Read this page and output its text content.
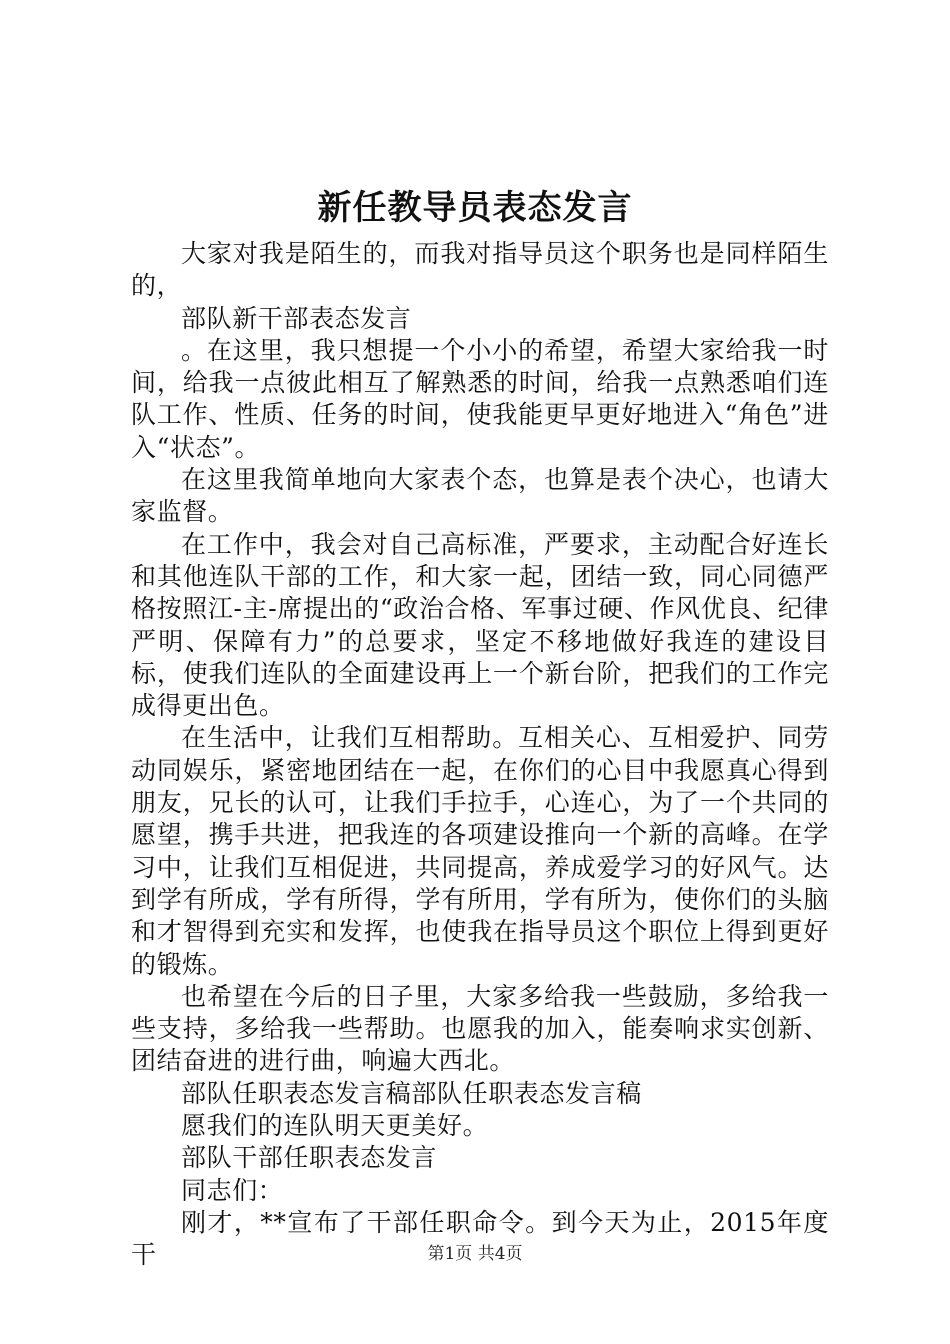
新任教导员表态发言

大家对我是陌生的，而我对指导员这个职务也是同样陌生的，

部队新干部表态发言

。在这里，我只想提一个小小的希望，希望大家给我一时间，给我一点彼此相互了解熟悉的时间，给我一点熟悉咱们连队工作、性质、任务的时间，使我能更早更好地进入“角色”进入“状态”。

在这里我简单地向大家表个态，也算是表个决心，也请大家监督。

在工作中，我会对自己高标准，严要求，主动配合好连长和其他连队干部的工作，和大家一起，团结一致，同心同德严格按照江-主-席提出的“政治合格、军事过硬、作风优良、纪律严明、保障有力”的总要求，坚定不移地做好我连的建设目标，使我们连队的全面建设再上一个新台阶，把我们的工作完成得更出色。

在生活中，让我们互相帮助。互相关心、互相爱护、同劳动同娱乐，紧密地团结在一起，在你们的心目中我愿真心得到朋友，兄长的认可，让我们手拉手，心连心，为了一个共同的愿望，携手共进，把我连的各项建设推向一个新的高峰。在学习中，让我们互相促进，共同提高，养成爱学习的好风气。达到学有所成，学有所得，学有所用，学有所为，使你们的头脑和才智得到充实和发挥，也使我在指导员这个职位上得到更好的锻炼。

也希望在今后的日子里，大家多给我一些鼓励，多给我一些支持，多给我一些帮助。也愿我的加入，能奏响求实创新、团结奋进的进行曲，响遍大西北。

部队任职表态发言稿部队任职表态发言稿

愿我们的连队明天更美好。

部队干部任职表态发言

同志们：

刚才，**宣布了干部任职命令。到今天为止，2015年度干	第1页 共4页
